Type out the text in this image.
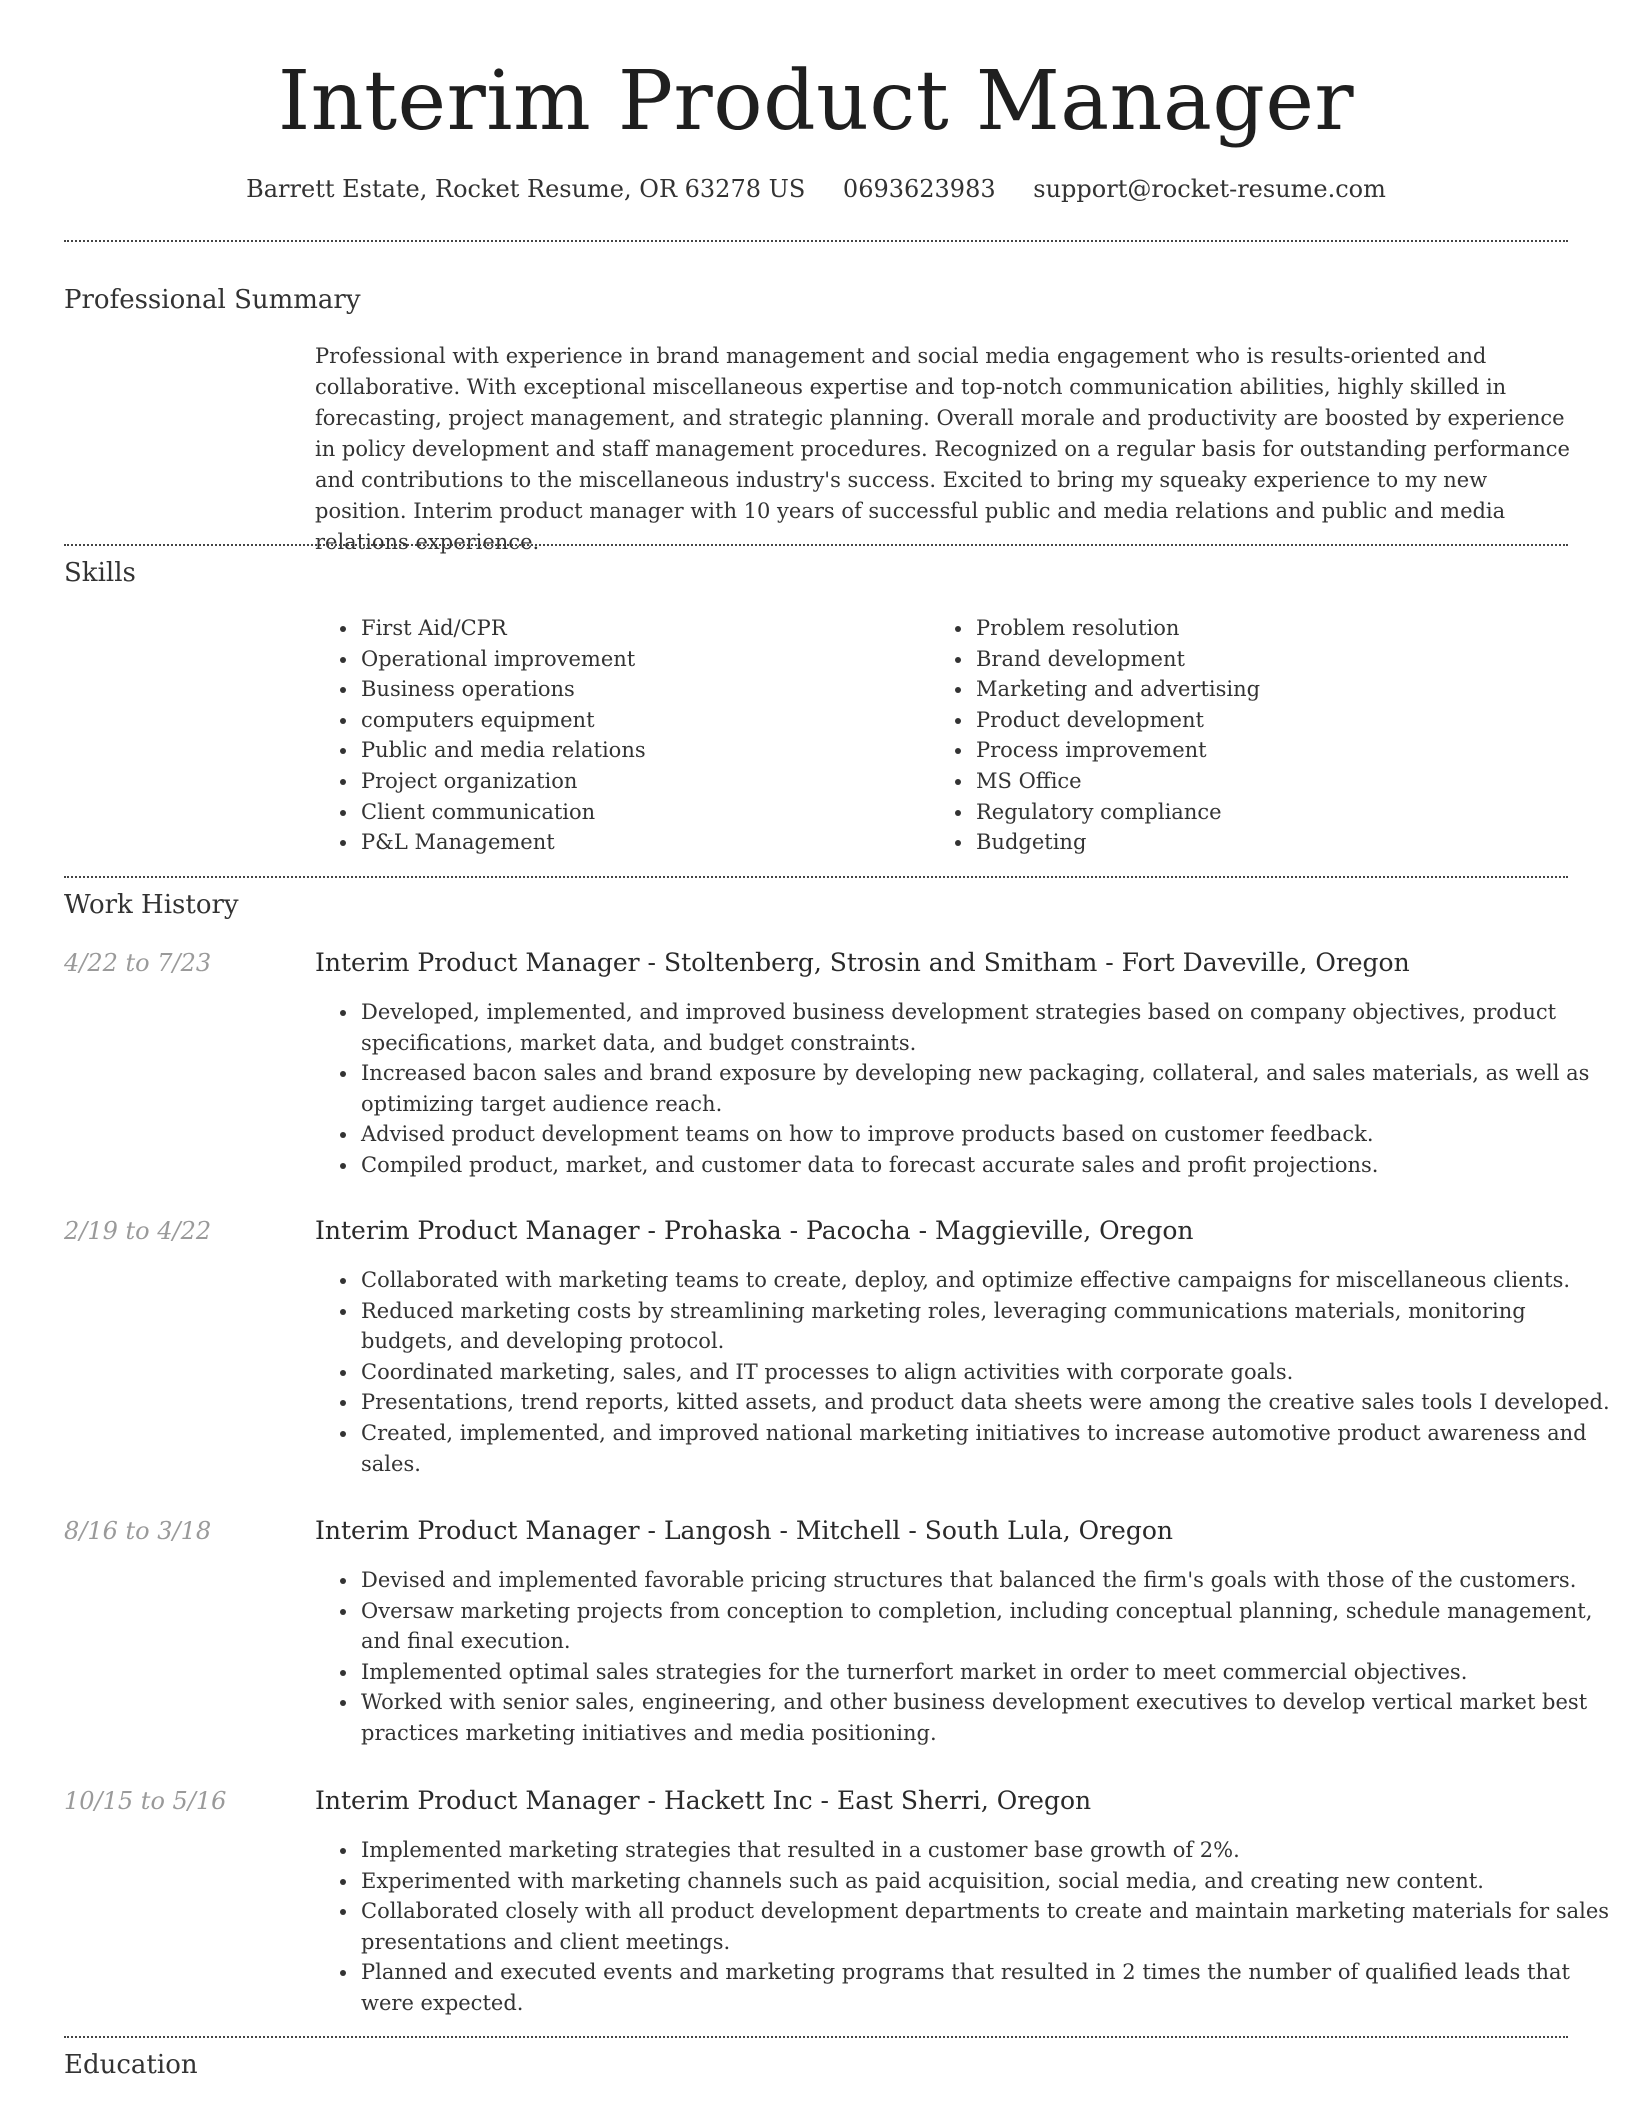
Interim Product Manager
Barrett Estate, Rocket Resume, OR 63278 US 0693623983 support@rocket-resume.com
Professional Summary

Professional with experience in brand management and social media engagement who is results-oriented and collaborative. With exceptional miscellaneous expertise and top-notch communication abilities, highly skilled in forecasting, project management, and strategic planning. Overall morale and productivity are boosted by experience in policy development and staff management procedures. Recognized on a regular basis for outstanding performance and contributions to the miscellaneous industry's success. Excited to bring my squeaky experience to my new position. Interim product manager with 10 years of successful public and media relations and public and media relations experience.

Skills
• First Aid/CPR
• Operational improvement
• Business operations
• computers equipment
• Public and media relations
• Project organization
• Client communication
• P&L Management
• Problem resolution
• Brand development
• Marketing and advertising
• Product development
• Process improvement
• MS Office
• Regulatory compliance
• Budgeting
Work History
4/22 to 7/23	Interim Product Manager - Stoltenberg, Strosin and Smitham - Fort Daveville, Oregon
• Developed, implemented, and improved business development strategies based on company objectives, product specifications, market data, and budget constraints.
• Increased bacon sales and brand exposure by developing new packaging, collateral, and sales materials, as well as optimizing target audience reach.
• Advised product development teams on how to improve products based on customer feedback.
• Compiled product, market, and customer data to forecast accurate sales and profit projections.
2/19 to 4/22	Interim Product Manager - Prohaska - Pacocha - Maggieville, Oregon
• Collaborated with marketing teams to create, deploy, and optimize effective campaigns for miscellaneous clients.
• Reduced marketing costs by streamlining marketing roles, leveraging communications materials, monitoring budgets, and developing protocol.
• Coordinated marketing, sales, and IT processes to align activities with corporate goals.
• Presentations, trend reports, kitted assets, and product data sheets were among the creative sales tools I developed.
• Created, implemented, and improved national marketing initiatives to increase automotive product awareness and sales.
8/16 to 3/18	Interim Product Manager - Langosh - Mitchell - South Lula, Oregon
• Devised and implemented favorable pricing structures that balanced the firm's goals with those of the customers.
• Oversaw marketing projects from conception to completion, including conceptual planning, schedule management, and final execution.
• Implemented optimal sales strategies for the turnerfort market in order to meet commercial objectives.
• Worked with senior sales, engineering, and other business development executives to develop vertical market best practices marketing initiatives and media positioning.
10/15 to 5/16	Interim Product Manager - Hackett Inc - East Sherri, Oregon
• Implemented marketing strategies that resulted in a customer base growth of 2%.
• Experimented with marketing channels such as paid acquisition, social media, and creating new content.
• Collaborated closely with all product development departments to create and maintain marketing materials for sales presentations and client meetings.
• Planned and executed events and marketing programs that resulted in 2 times the number of qualified leads that were expected.
Education
